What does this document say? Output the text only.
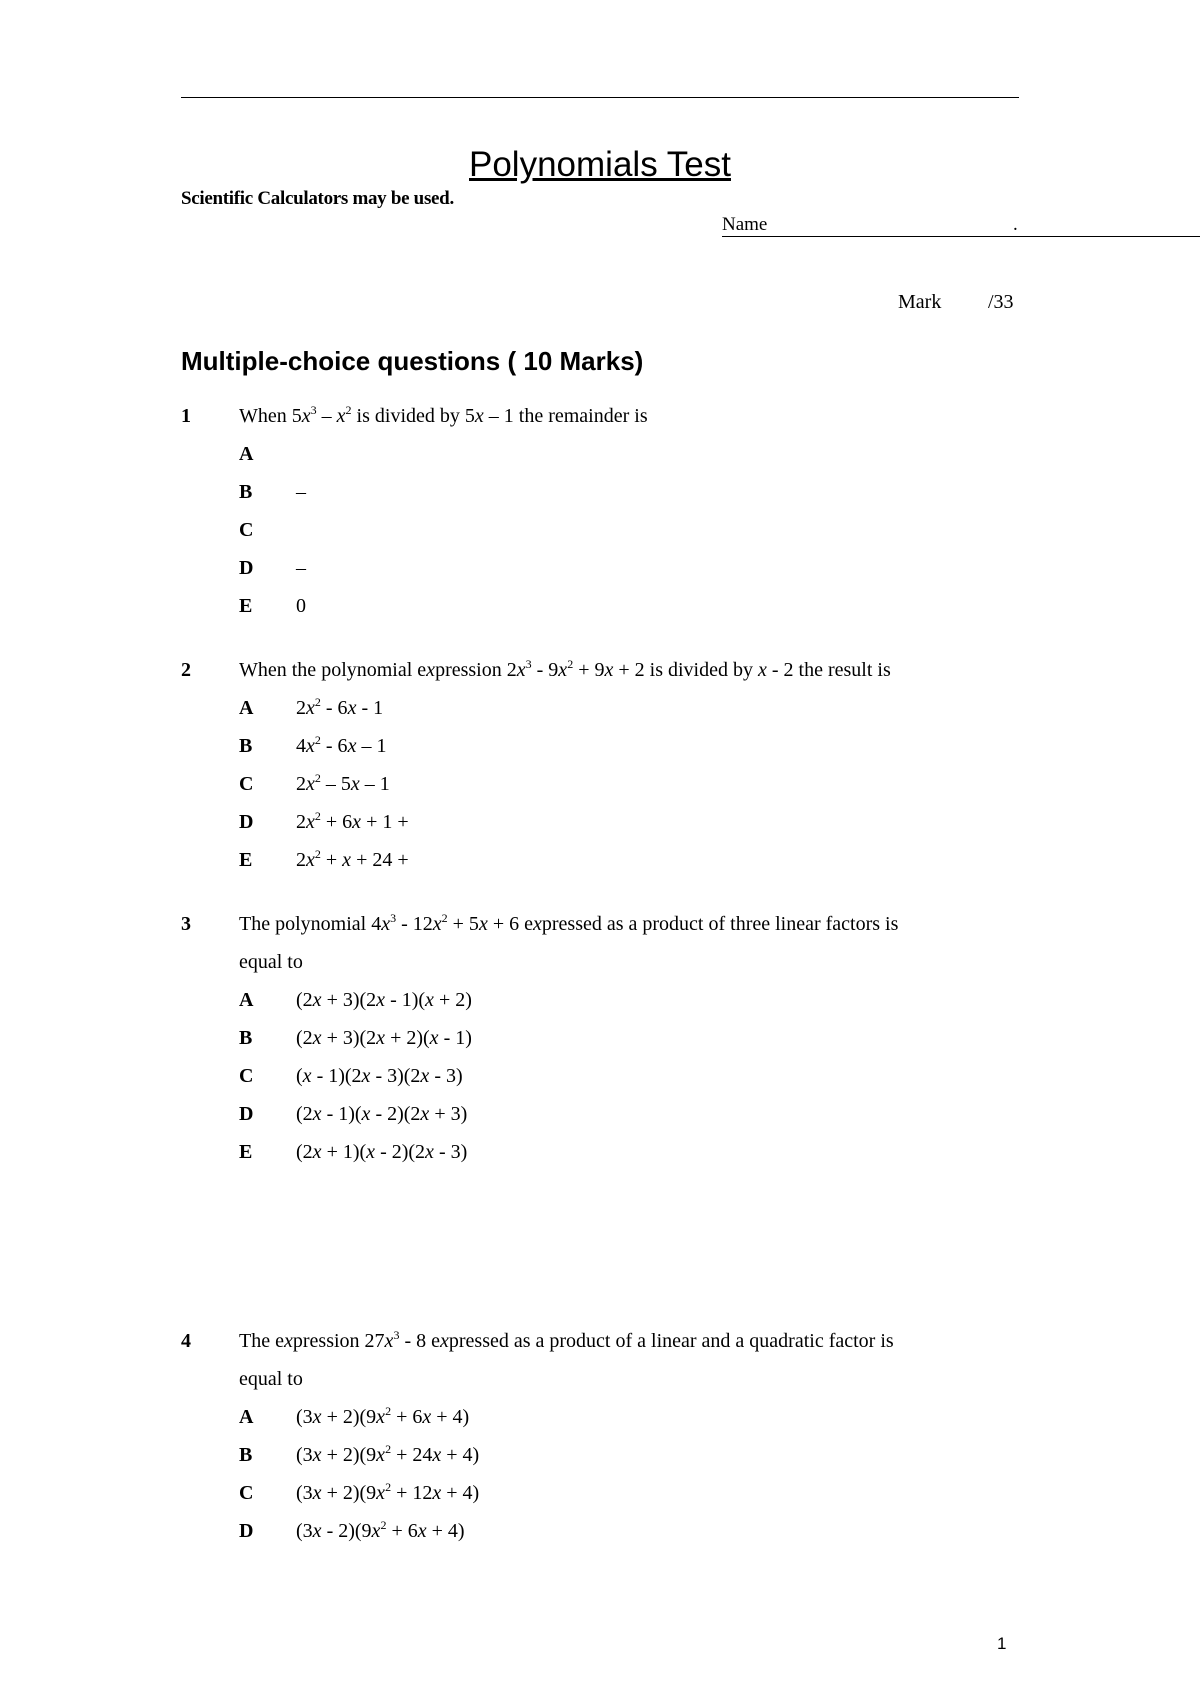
Polynomials Test
Scientific Calculators may be used.
Name	.
Mark /33
Multiple-choice questions ( 10 Marks)
1 When $5x^3 - x^2$ is divided by 5x – 1 the remainder is
A
B –
C
D –
E 0
2 When the polynomial expression $2x^3 - 9x^2 + 9x + 2$ is divided by x - 2 the result is
A $2x^2 - 6x - 1$
B $4x^2 - 6x - 1$
C $2x^2 - 5x - 1$
D $2x^2 + 6x + 1$ +
E $2x^2 + x + 24$ +
3 The polynomial $4x^3 - 12x^2 + 5x + 6$ expressed as a product of three linear factors is
equal to
A (2x + 3)(2x - 1)(x + 2)
B (2x + 3)(2x + 2)(x - 1)
C (x - 1)(2x - 3)(2x - 3)
D (2x - 1)(x - 2)(2x + 3)
E (2x + 1)(x - 2)(2x - 3)
4 The expression $27x^3 - 8$ expressed as a product of a linear and a quadratic factor is
equal to
A $(3x + 2)(9x^2 + 6x + 4)$
B $(3x + 2)(9x^2 + 24x + 4)$
C $(3x + 2)(9x^2 + 12x + 4)$
D $(3x - 2)(9x^2 + 6x + 4)$
1
